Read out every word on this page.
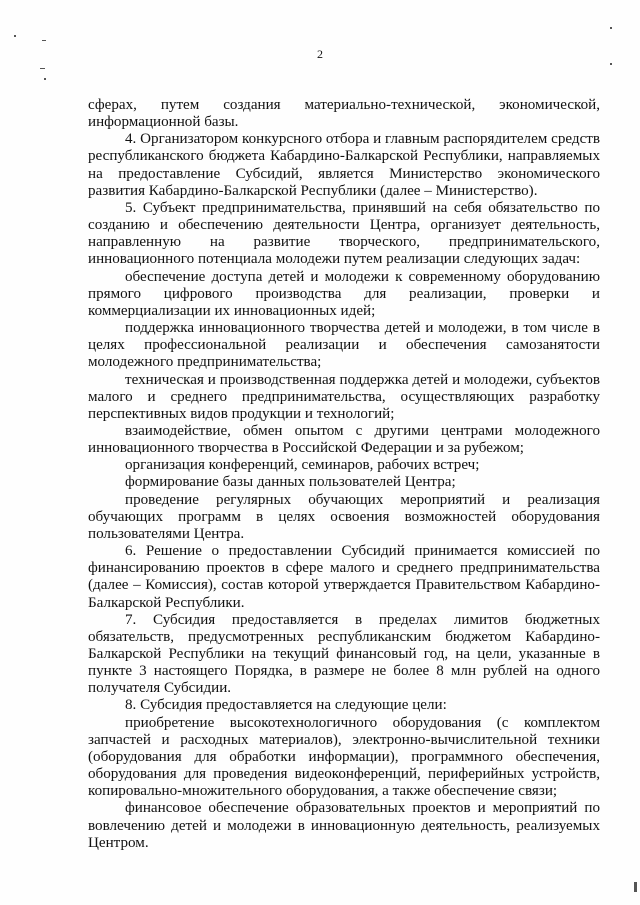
2

сферах, путем создания материально-технической, экономической, информационной базы.

4. Организатором конкурсного отбора и главным распорядителем средств республиканского бюджета Кабардино-Балкарской Республики, направляемых на предоставление Субсидий, является Министерство экономического развития Кабардино-Балкарской Республики (далее – Министерство).

5. Субъект предпринимательства, принявший на себя обязательство по созданию и обеспечению деятельности Центра, организует деятельность, направленную на развитие творческого, предпринимательского, инновационного потенциала молодежи путем реализации следующих задач:

обеспечение доступа детей и молодежи к современному оборудованию прямого цифрового производства для реализации, проверки и коммерциализации их инновационных идей;

поддержка инновационного творчества детей и молодежи, в том числе в целях профессиональной реализации и обеспечения самозанятости молодежного предпринимательства;

техническая и производственная поддержка детей и молодежи, субъектов малого и среднего предпринимательства, осуществляющих разработку перспективных видов продукции и технологий;

взаимодействие, обмен опытом с другими центрами молодежного инновационного творчества в Российской Федерации и за рубежом;

организация конференций, семинаров, рабочих встреч;

формирование базы данных пользователей Центра;

проведение регулярных обучающих мероприятий и реализация обучающих программ в целях освоения возможностей оборудования пользователями Центра.

6. Решение о предоставлении Субсидий принимается комиссией по финансированию проектов в сфере малого и среднего предпринимательства (далее – Комиссия), состав которой утверждается Правительством Кабардино-Балкарской Республики.

7. Субсидия предоставляется в пределах лимитов бюджетных обязательств, предусмотренных республиканским бюджетом Кабардино-Балкарской Республики на текущий финансовый год, на цели, указанные в пункте 3 настоящего Порядка, в размере не более 8 млн рублей на одного получателя Субсидии.

8. Субсидия предоставляется на следующие цели:

приобретение высокотехнологичного оборудования (с комплектом запчастей и расходных материалов), электронно-вычислительной техники (оборудования для обработки информации), программного обеспечения, оборудования для проведения видеоконференций, периферийных устройств, копировально-множительного оборудования, а также обеспечение связи;

финансовое обеспечение образовательных проектов и мероприятий по вовлечению детей и молодежи в инновационную деятельность, реализуемых Центром.
